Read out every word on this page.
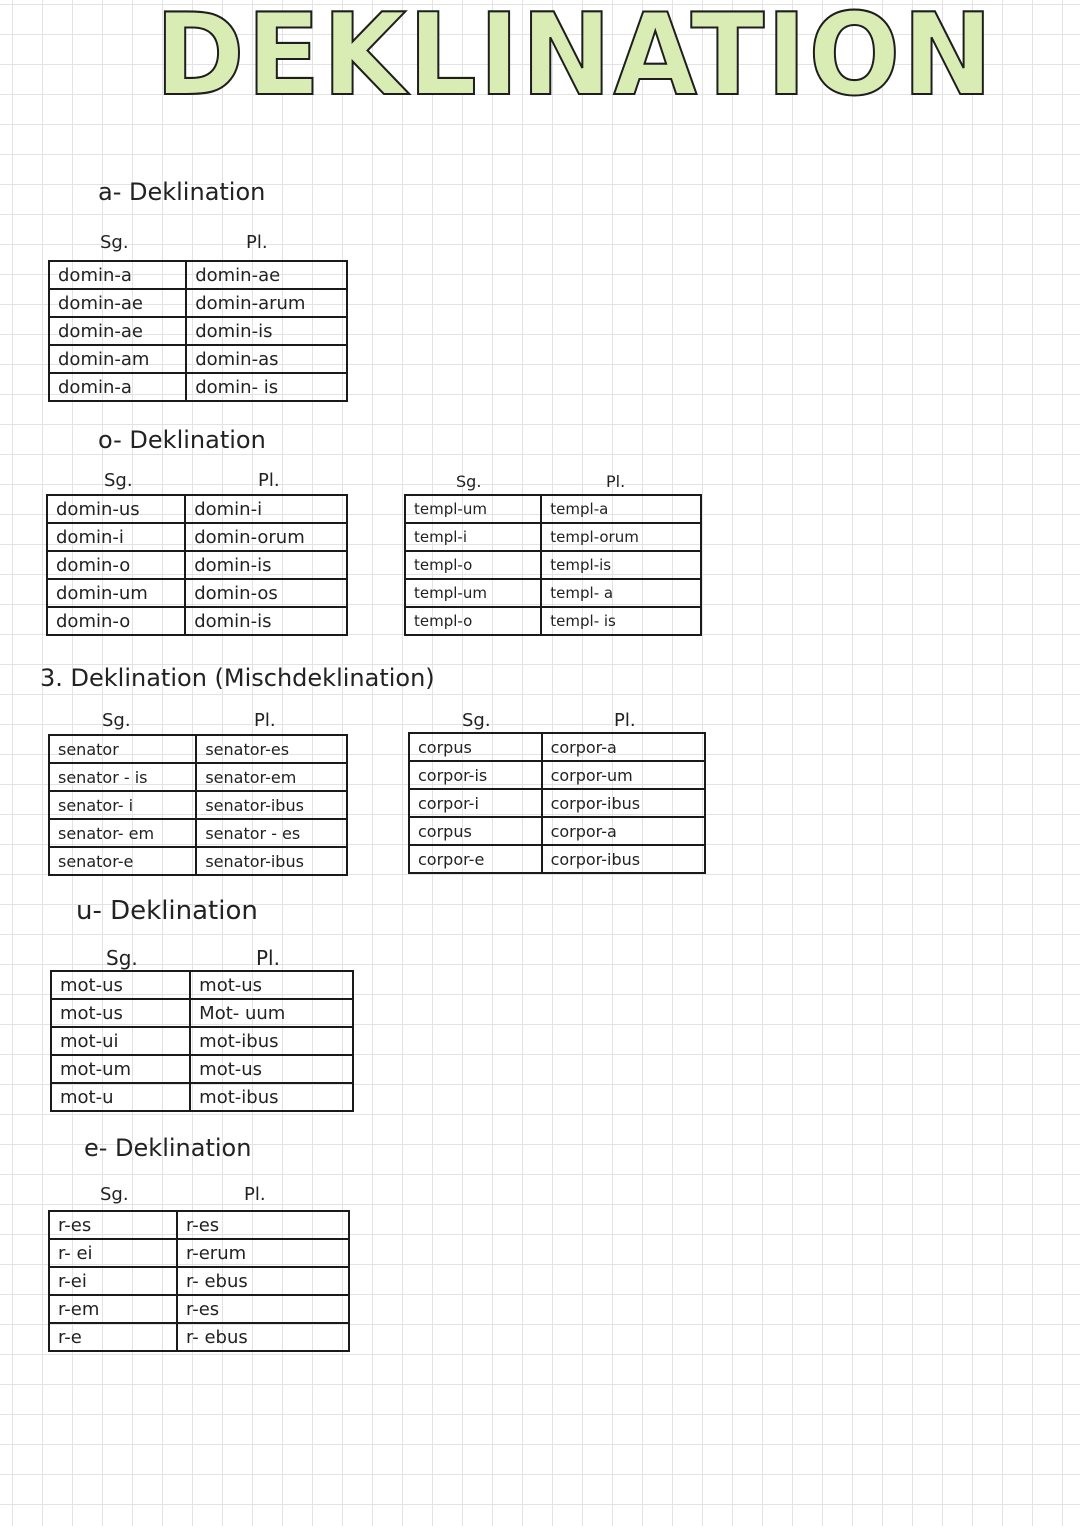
DEKLINATION
a- Deklination
Sg.	Pl.
domin-a	domin-ae
domin-ae	domin-arum
domin-ae	domin-is
domin-am	domin-as
domin-a	domin- is
o- Deklination
Sg.	Pl.
domin-us	domin-i
domin-i	domin-orum
domin-o	domin-is
domin-um	domin-os
domin-o	domin-is
Sg.	Pl.
templ-um	templ-a
templ-i	templ-orum
templ-o	templ-is
templ-um	templ- a
templ-o	templ- is
3. Deklination (Mischdeklination)
Sg.	Pl.
senator	senator-es
senator - is	senator-em
senator- i	senator-ibus
senator- em	senator - es
senator-e	senator-ibus
Sg.	Pl.
corpus	corpor-a
corpor-is	corpor-um
corpor-i	corpor-ibus
corpus	corpor-a
corpor-e	corpor-ibus
u- Deklination
Sg.	Pl.
mot-us	mot-us
mot-us	Mot- uum
mot-ui	mot-ibus
mot-um	mot-us
mot-u	mot-ibus
e- Deklination
Sg.	Pl.
r-es	r-es
r- ei	r-erum
r-ei	r- ebus
r-em	r-es
r-e	r- ebus
